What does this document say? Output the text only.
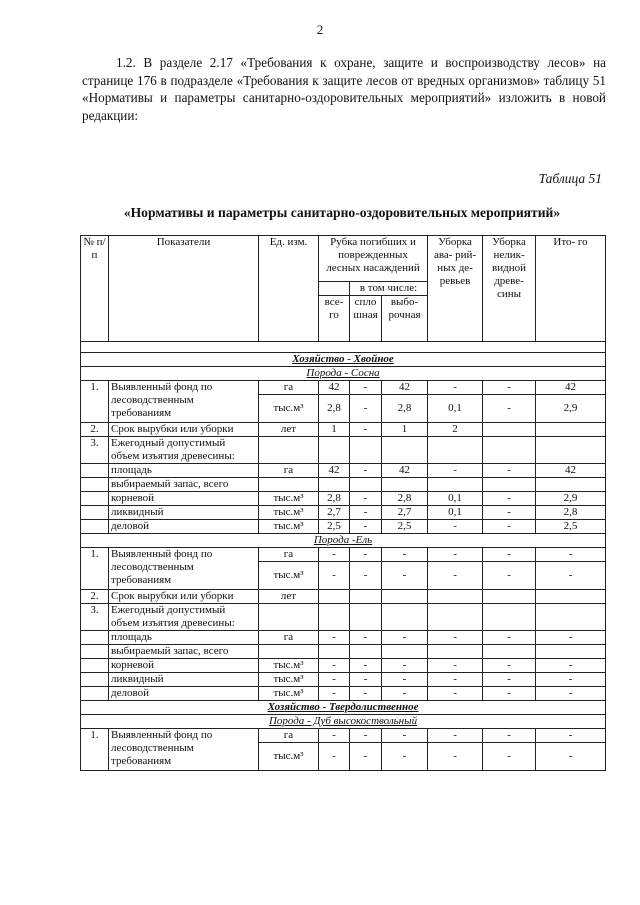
2
1.2. В разделе 2.17 «Требования к охране, защите и воспроизводству лесов» на странице 176 в подразделе «Требования к защите лесов от вредных организмов» таблицу 51 «Нормативы и параметры санитарно-оздоровительных мероприятий» изложить в новой редакции:
Таблица 51
«Нормативы и параметры санитарно-оздоровительных мероприятий»
№ п/п	Показатели	Ед. изм.	Рубка погибших и поврежденных лесных насаждений			Уборка ава- рий- ных де- ревьев	Уборка нелик- видной древе- сины	Ито- го
				в том числе:				
			все-го	спло шная	выбо- рочная			

Хозяйство - Хвойное								
Порода - Сосна								
1.	Выявленный фонд по лесоводственным требованиям	га	42	-	42	-	-	42
		тыс.м³	2,8	-	2,8	0,1	-	2,9
2.	Срок вырубки или уборки	лет	1	-	1	2		
3.	Ежегодный допустимый объем изъятия древесины:							
	площадь	га	42	-	42	-	-	42
	выбираемый запас, всего							
	корневой	тыс.м³	2,8	-	2,8	0,1	-	2,9
	ликвидный	тыс.м³	2,7	-	2,7	0,1	-	2,8
	деловой	тыс.м³	2,5	-	2,5	-	-	2,5
Порода -Ель								
1.	Выявленный фонд по лесоводственным требованиям	га	-	-	-	-	-	-
		тыс.м³	-	-	-	-	-	-
2.	Срок вырубки или уборки	лет						
3.	Ежегодный допустимый объем изъятия древесины:							
	площадь	га	-	-	-	-	-	-
	выбираемый запас, всего							
	корневой	тыс.м³	-	-	-	-	-	-
	ликвидный	тыс.м³	-	-	-	-	-	-
	деловой	тыс.м³	-	-	-	-	-	-
Хозяйство - Твердолиственное								
Порода - Дуб высокоствольный								
1.	Выявленный фонд по лесоводственным требованиям	га	-	-	-	-	-	-
		тыс.м³	-	-	-	-	-	-
